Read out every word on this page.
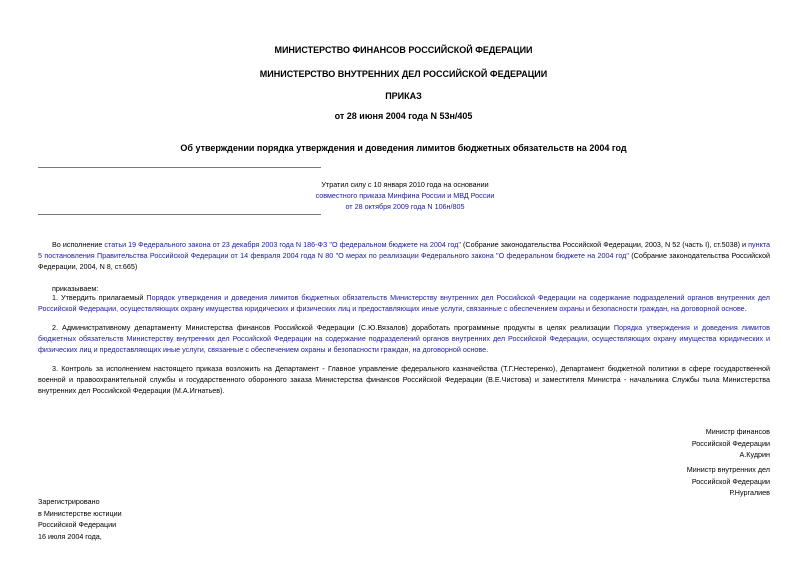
МИНИСТЕРСТВО ФИНАНСОВ РОССИЙСКОЙ ФЕДЕРАЦИИ
МИНИСТЕРСТВО ВНУТРЕННИХ ДЕЛ РОССИЙСКОЙ ФЕДЕРАЦИИ
ПРИКАЗ
от 28 июня 2004 года N 53н/405
Об утверждении порядка утверждения и доведения лимитов бюджетных обязательств на 2004 год
Утратил силу с 10 января 2010 года на основании
совместного приказа Минфина России и МВД России
от 28 октября 2009 года N 106н/805
Во исполнение статьи 19 Федерального закона от 23 декабря 2003 года N 186-ФЗ "О федеральном бюджете на 2004 год" (Собрание законодательства Российской Федерации, 2003, N 52 (часть I), ст.5038) и пункта 5 постановления Правительства Российской Федерации от 14 февраля 2004 года N 80 "О мерах по реализации Федерального закона "О федеральном бюджете на 2004 год" (Собрание законодательства Российской Федерации, 2004, N 8, ст.665)
приказываем:
1. Утвердить прилагаемый Порядок утверждения и доведения лимитов бюджетных обязательств Министерству внутренних дел Российской Федерации на содержание подразделений органов внутренних дел Российской Федерации, осуществляющих охрану имущества юридических и физических лиц и предоставляющих иные услуги, связанные с обеспечением охраны и безопасности граждан, на договорной основе.
2. Административному департаменту Министерства финансов Российской Федерации (С.Ю.Вязалов) доработать программные продукты в целях реализации Порядка утверждения и доведения лимитов бюджетных обязательств Министерству внутренних дел Российской Федерации на содержание подразделений органов внутренних дел Российской Федерации, осуществляющих охрану имущества юридических и физических лиц и предоставляющих иные услуги, связанные с обеспечением охраны и безопасности граждан, на договорной основе.
3. Контроль за исполнением настоящего приказа возложить на Департамент - Главное управление федерального казначейства (Т.Г.Нестеренко), Департамент бюджетной политики в сфере государственной военной и правоохранительной службы и государственного оборонного заказа Министерства финансов Российской Федерации (В.Е.Чистова) и заместителя Министра - начальника Службы тыла Министерства внутренних дел Российской Федерации (М.А.Игнатьев).
Министр финансов
Российской Федерации
А.Кудрин
Министр внутренних дел
Российской Федерации
Р.Нургалиев
Зарегистрировано
в Министерстве юстиции
Российской Федерации
16 июля 2004 года,
